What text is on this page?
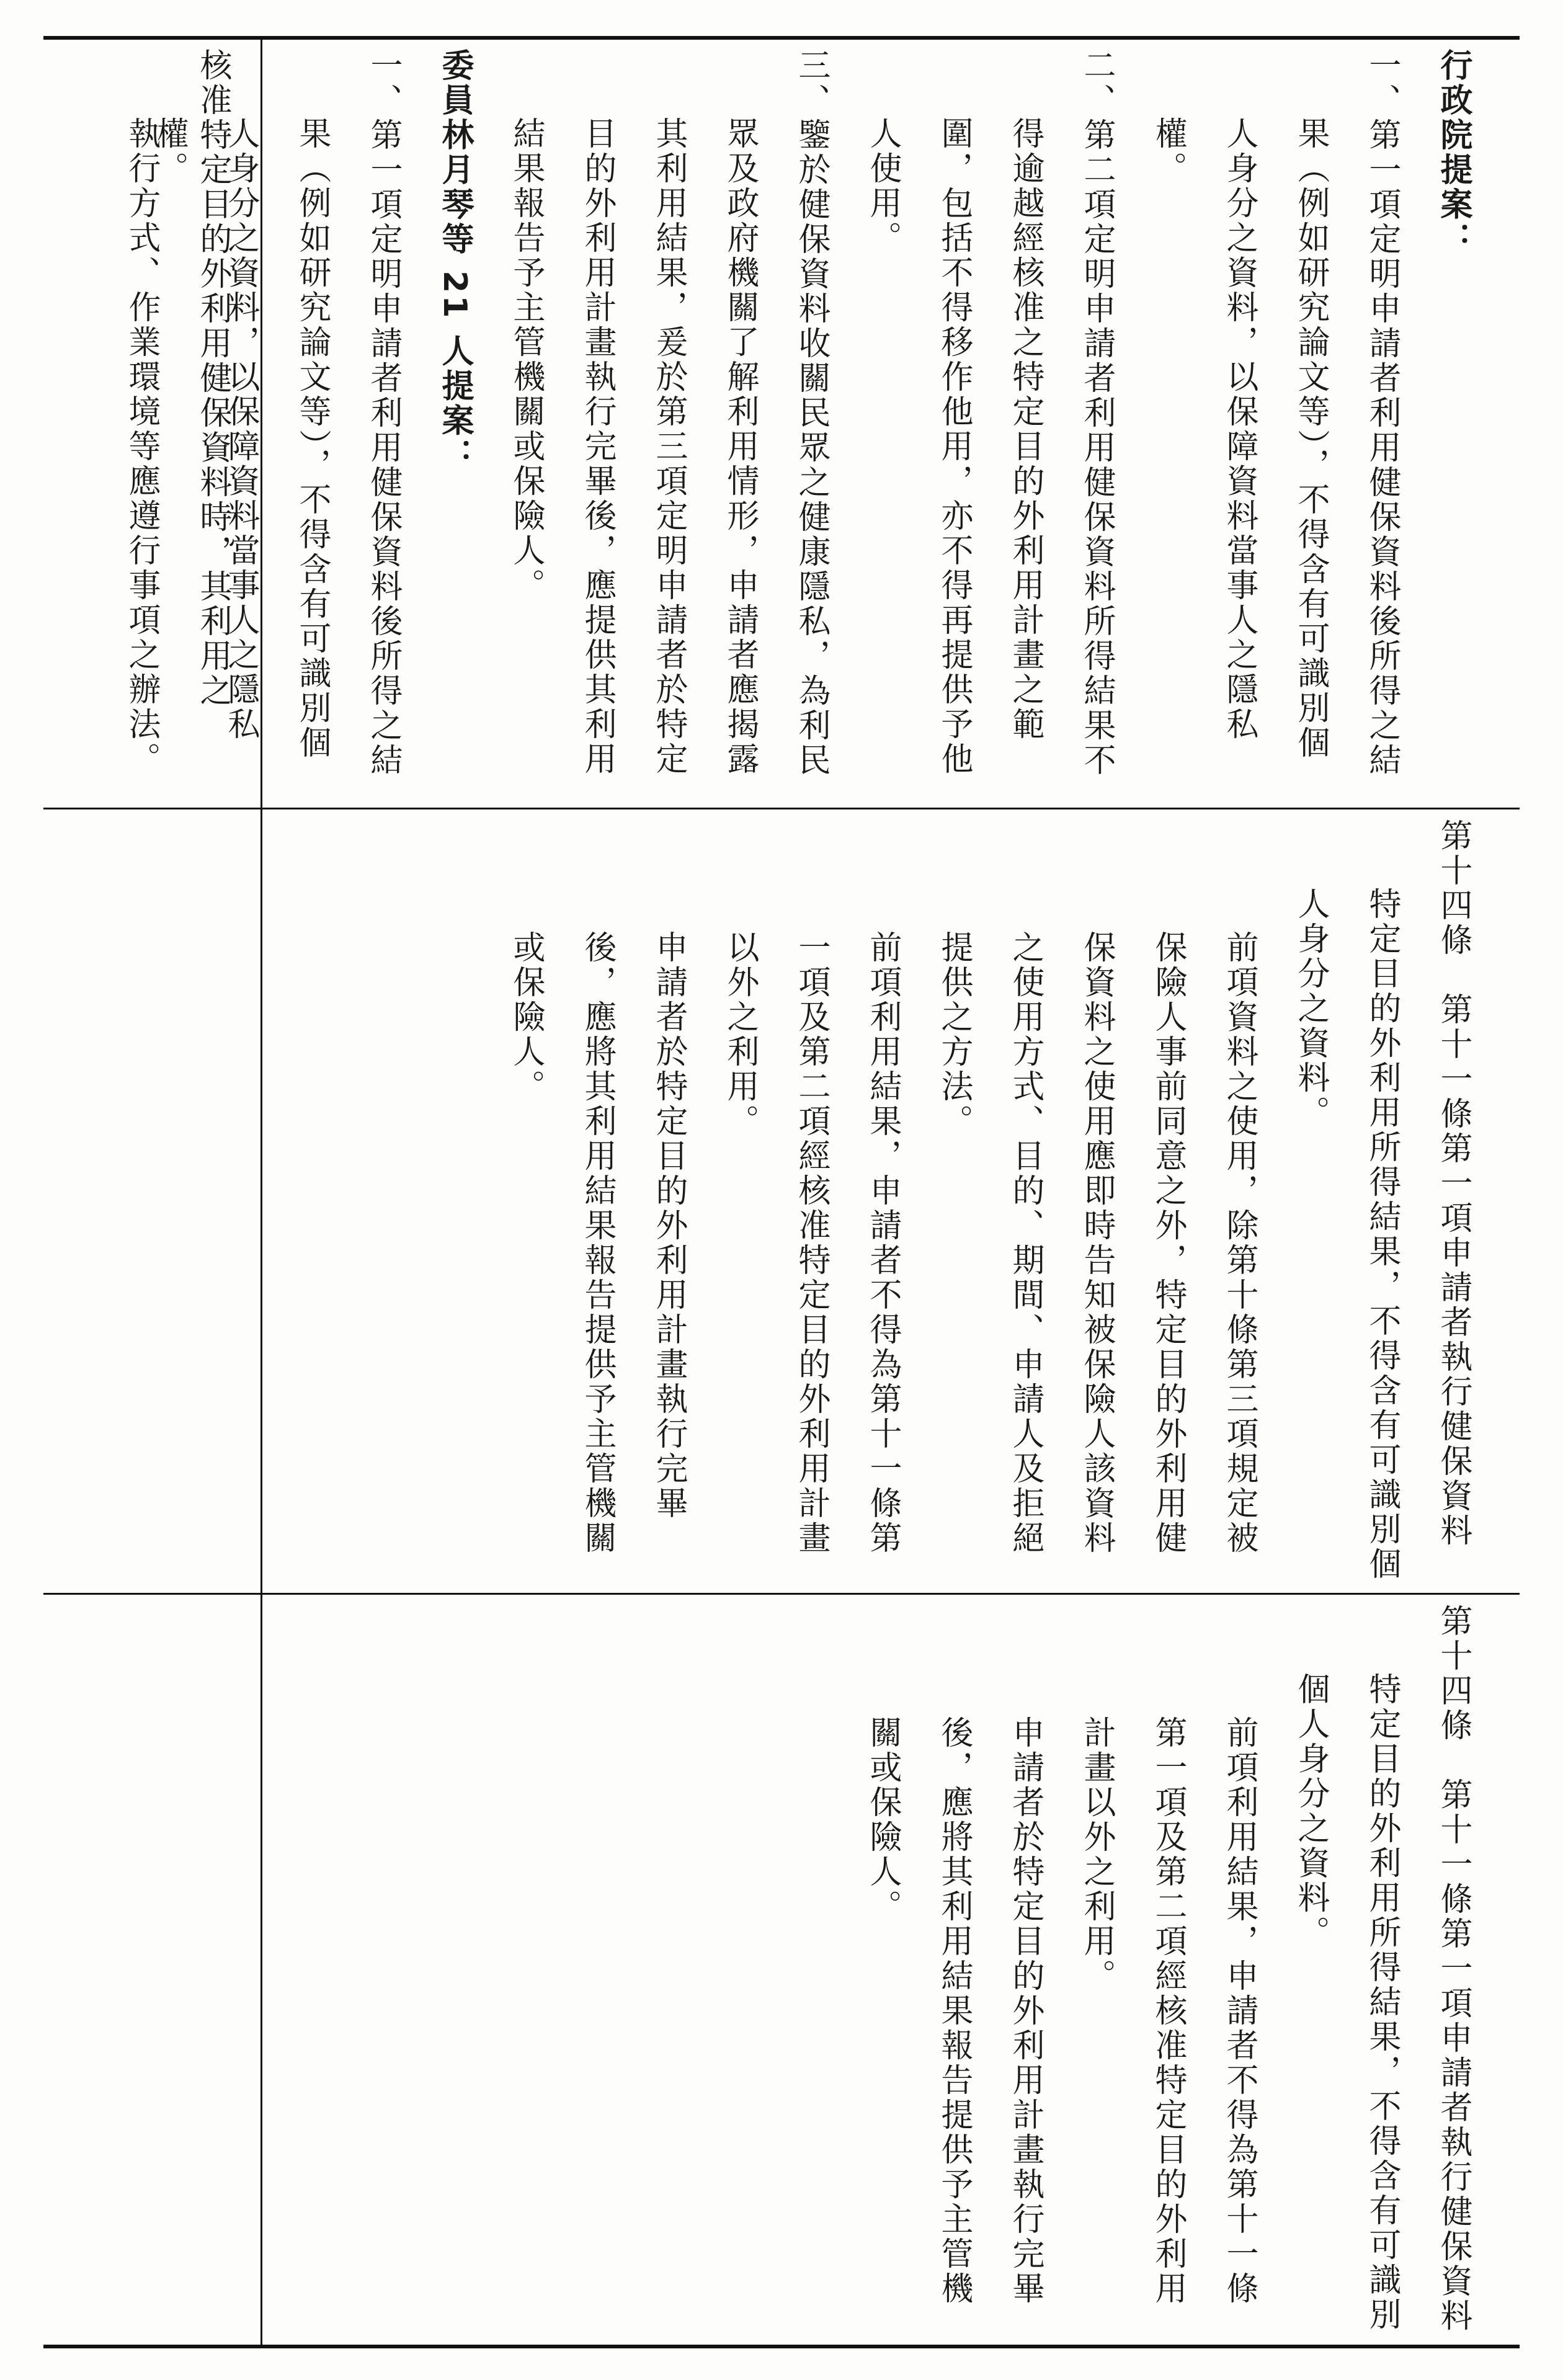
核准特定目的外利用健保資料時，其利用之

執行方式、作業環境等應遵行事項之辦法。	行政院提案：

一、第一項定明申請者利用健保資料後所得之結果（例如研究論文等），不得含有可識別個人身分之資料，以保障資料當事人之隱私權。

二、第二項定明申請者利用健保資料所得結果不得逾越經核准之特定目的外利用計畫之範圍，包括不得移作他用，亦不得再提供予他人使用。

三、鑒於健保資料收關民眾之健康隱私，為利民眾及政府機關了解利用情形，申請者應揭露其利用結果，爰於第三項定明申請者於特定目的外利用計畫執行完畢後，應提供其利用結果報告予主管機關或保險人。

委員林月琴等 21 人提案：

一、第一項定明申請者利用健保資料後所得之結果（例如研究論文等），不得含有可識別個人身分之資料，以保障資料當事人之隱私權。

第十四條　第十一條第一項申請者執行健保資料特定目的外利用所得結果，不得含有可識別個人身分之資料。

前項資料之使用，除第十條第三項規定被保險人事前同意之外，特定目的外利用健保資料之使用應即時告知被保險人該資料之使用方式、目的、期間、申請人及拒絕提供之方法。

前項利用結果，申請者不得為第十一條第一項及第二項經核准特定目的外利用計畫以外之利用。

申請者於特定目的外利用計畫執行完畢後，應將其利用結果報告提供予主管機關或保險人。

第十四條　第十一條第一項申請者執行健保資料特定目的外利用所得結果，不得含有可識別個人身分之資料。

前項利用結果，申請者不得為第十一條第一項及第二項經核准特定目的外利用計畫以外之利用。

申請者於特定目的外利用計畫執行完畢後，應將其利用結果報告提供予主管機關或保險人。
